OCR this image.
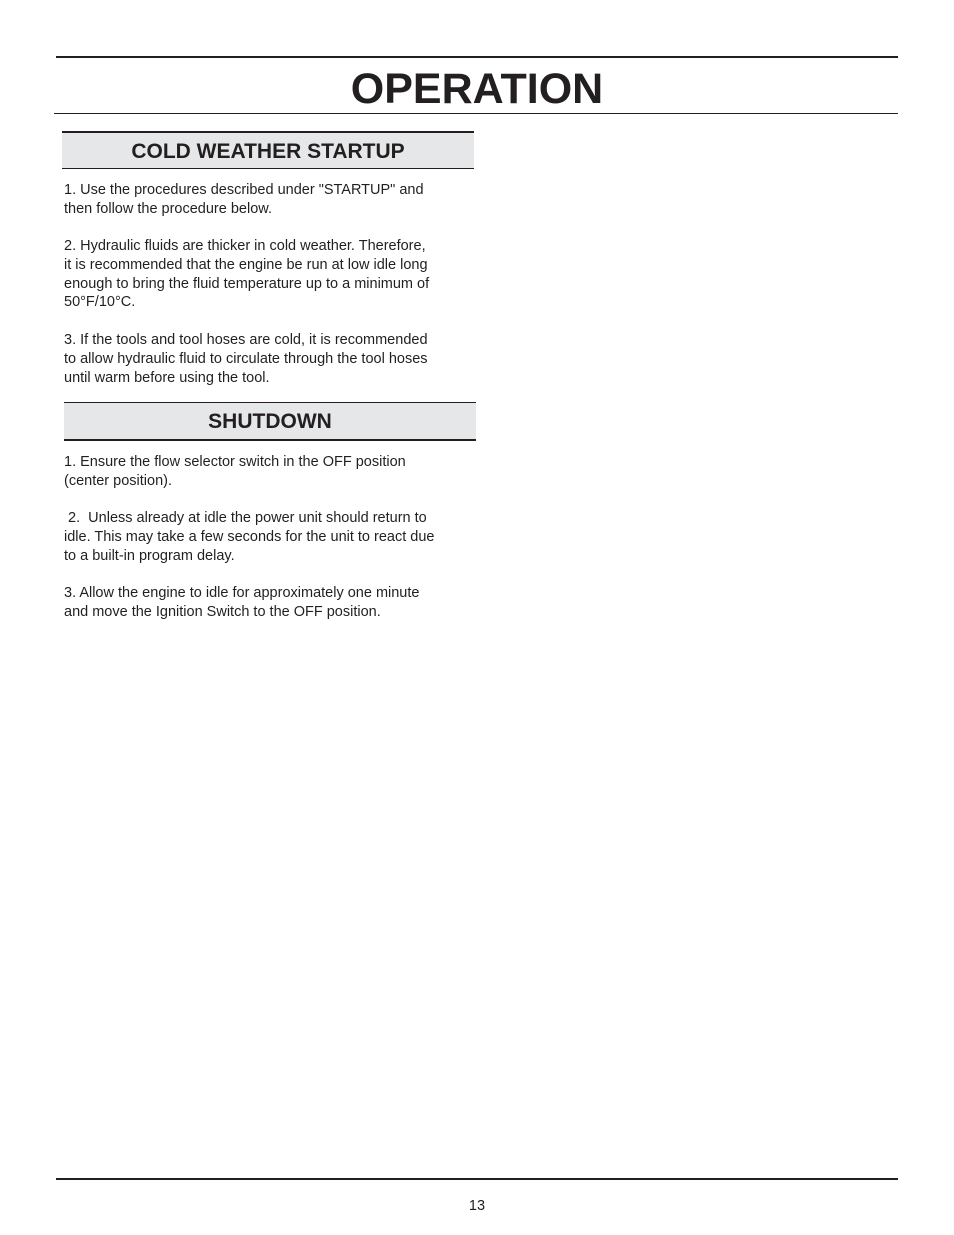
OPERATION
COLD WEATHER STARTUP

1. Use the procedures described under "STARTUP" and
then follow the procedure below.

2. Hydraulic fluids are thicker in cold weather. Therefore,
it is recommended that the engine be run at low idle long
enough to bring the fluid temperature up to a minimum of
50°F/10°C.

3. If the tools and tool hoses are cold, it is recommended
to allow hydraulic fluid to circulate through the tool hoses
until warm before using the tool.

SHUTDOWN

1. Ensure the flow selector switch in the OFF position
(center position).

2.  Unless already at idle the power unit should return to
idle. This may take a few seconds for the unit to react due
to a built-in program delay.

3. Allow the engine to idle for approximately one minute
and move the Ignition Switch to the OFF position.

13
